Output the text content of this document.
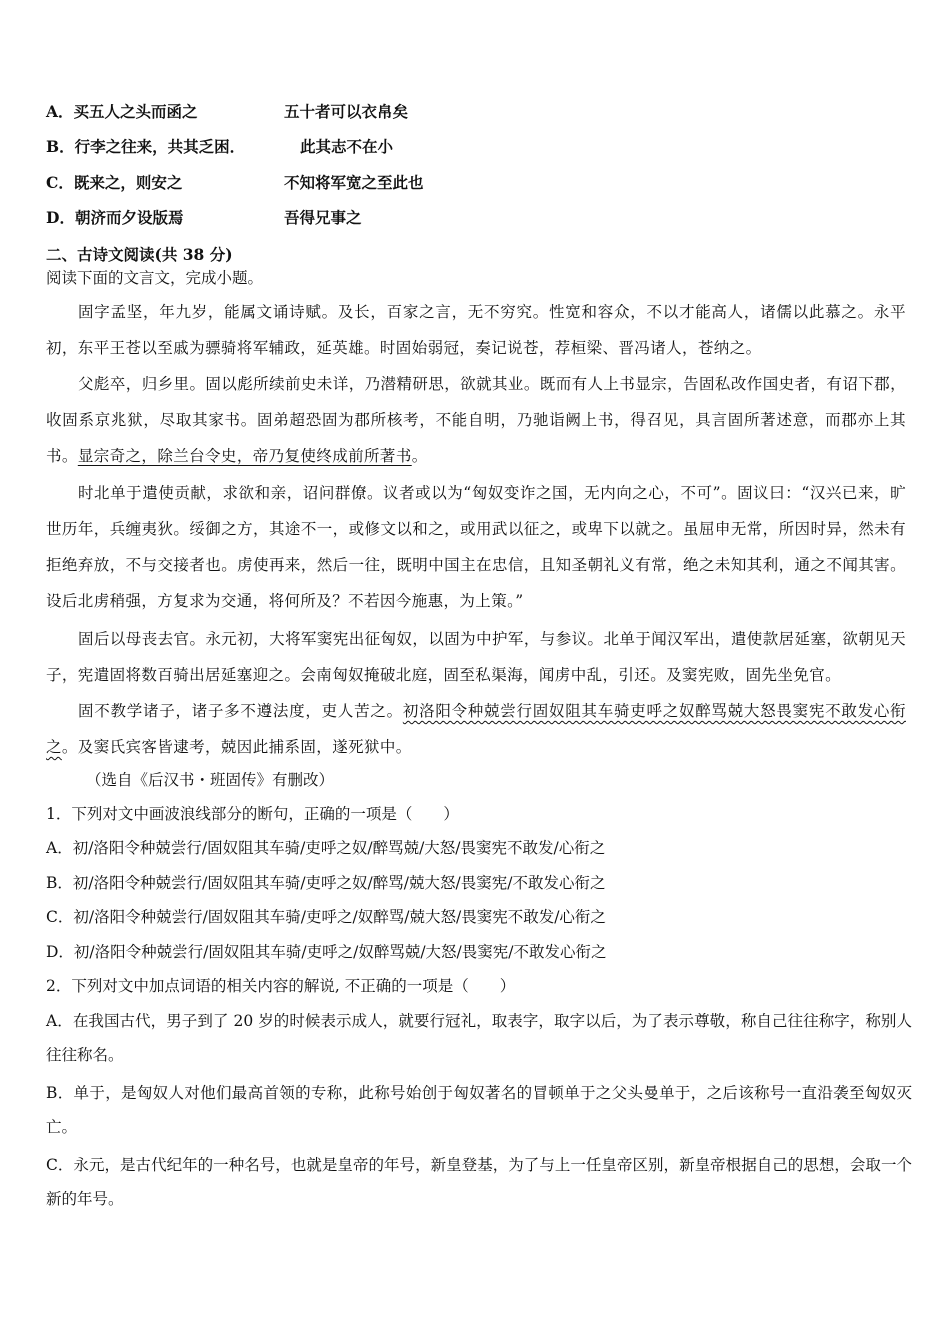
A．买五人之头而函之	五十者可以衣帛矣
B．行李之往来，共其乏困．	此其志不在小
C．既来之，则安之	不知将军宽之至此也
D．朝济而夕设版焉	吾得兄事之
二、古诗文阅读(共 38 分)
阅读下面的文言文，完成小题。
固字孟坚，年九岁，能属文诵诗赋。及长，百家之言，无不穷究。性宽和容众，不以才能高人，诸儒以此慕之。永平初，东平王苍以至戚为骠骑将军辅政，延英雄。时固始弱冠，奏记说苍，荐桓梁、晋冯诸人，苍纳之。
父彪卒，归乡里。固以彪所续前史未详，乃潜精研思，欲就其业。既而有人上书显宗，告固私改作国史者，有诏下郡，收固系京兆狱，尽取其家书。固弟超恐固为郡所核考，不能自明，乃驰诣阙上书，得召见，具言固所著述意，而郡亦上其书。显宗奇之，除兰台令史，帝乃复使终成前所著书。
时北单于遣使贡献，求欲和亲，诏问群僚。议者或以为“匈奴变诈之国，无内向之心，不可”。固议曰：“汉兴已来，旷世历年，兵缠夷狄。绥御之方，其途不一，或修文以和之，或用武以征之，或卑下以就之。虽屈申无常，所因时异，然未有拒绝弃放，不与交接者也。虏使再来，然后一往，既明中国主在忠信，且知圣朝礼义有常，绝之未知其利，通之不闻其害。设后北虏稍强，方复求为交通，将何所及？不若因今施惠，为上策。”
固后以母丧去官。永元初，大将军窦宪出征匈奴，以固为中护军，与参议。北单于闻汉军出，遣使款居延塞，欲朝见天子，宪遣固将数百骑出居延塞迎之。会南匈奴掩破北庭，固至私渠海，闻虏中乱，引还。及窦宪败，固先坐免官。
固不教学诸子，诸子多不遵法度，吏人苦之。初洛阳令种兢尝行固奴阻其车骑吏呼之奴醉骂兢大怒畏窦宪不敢发心衔之。及窦氏宾客皆逮考，兢因此捕系固，遂死狱中。
（选自《后汉书・班固传》有删改）
1．下列对文中画波浪线部分的断句，正确的一项是（　　）
A．初/洛阳令种兢尝行/固奴阻其车骑/吏呼之奴/醉骂兢/大怒/畏窦宪不敢发/心衔之
B．初/洛阳令种兢尝行/固奴阻其车骑/吏呼之奴/醉骂/兢大怒/畏窦宪/不敢发心衔之
C．初/洛阳令种兢尝行/固奴阻其车骑/吏呼之/奴醉骂/兢大怒/畏窦宪不敢发/心衔之
D．初/洛阳令种兢尝行/固奴阻其车骑/吏呼之/奴醉骂兢/大怒/畏窦宪/不敢发心衔之
2．下列对文中加点词语的相关内容的解说, 不正确的一项是（　　）
A．在我国古代，男子到了 20 岁的时候表示成人，就要行冠礼，取表字，取字以后，为了表示尊敬，称自己往往称字，称别人往往称名。
B．单于，是匈奴人对他们最高首领的专称，此称号始创于匈奴著名的冒顿单于之父头曼单于，之后该称号一直沿袭至匈奴灭亡。
C．永元，是古代纪年的一种名号，也就是皇帝的年号，新皇登基，为了与上一任皇帝区别，新皇帝根据自己的思想，会取一个新的年号。
